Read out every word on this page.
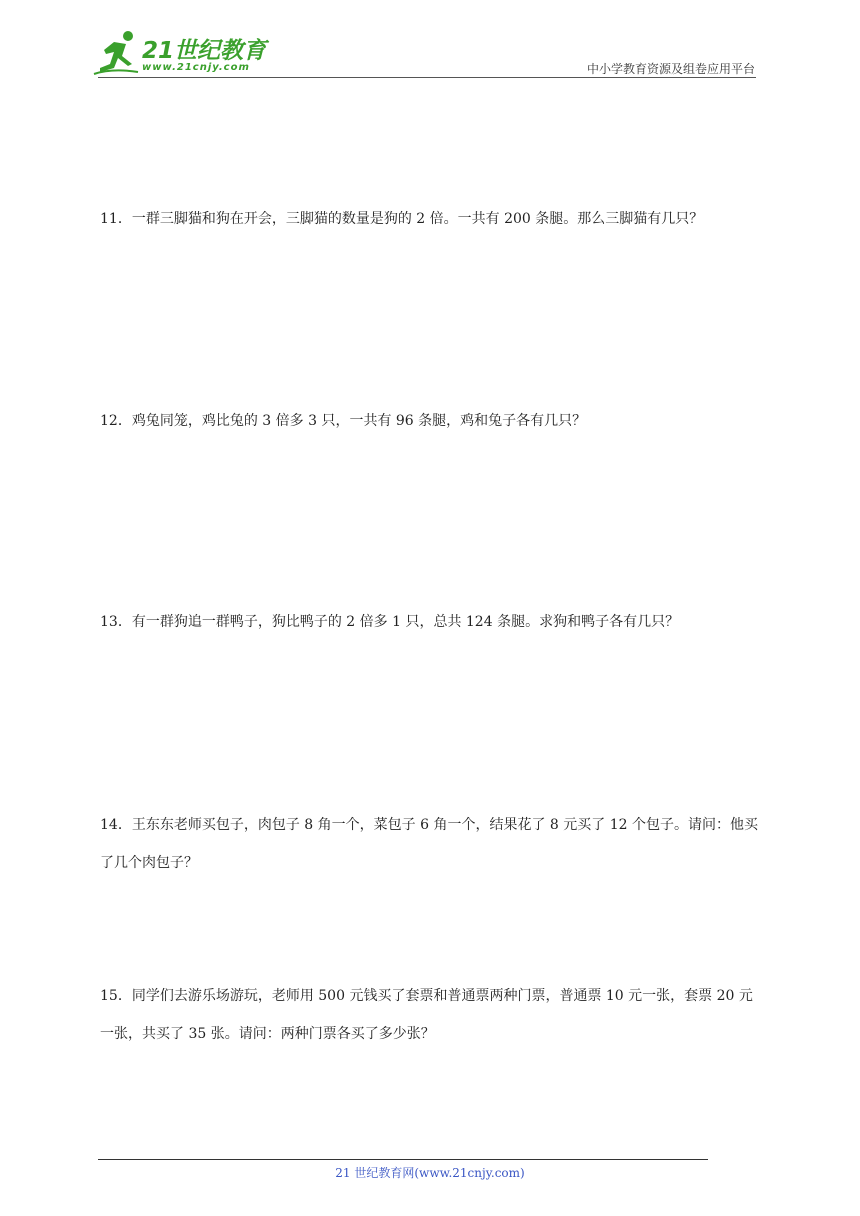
21世纪教育
www.21cnjy.com	中小学教育资源及组卷应用平台
11．一群三脚猫和狗在开会，三脚猫的数量是狗的 2 倍。一共有 200 条腿。那么三脚猫有几只？
12．鸡兔同笼，鸡比兔的 3 倍多 3 只，一共有 96 条腿，鸡和兔子各有几只？
13．有一群狗追一群鸭子，狗比鸭子的 2 倍多 1 只，总共 124 条腿。求狗和鸭子各有几只？
14．王东东老师买包子，肉包子 8 角一个，菜包子 6 角一个，结果花了 8 元买了 12 个包子。请问：他买了几个肉包子？
15．同学们去游乐场游玩，老师用 500 元钱买了套票和普通票两种门票，普通票 10 元一张，套票 20 元一张，共买了 35 张。请问：两种门票各买了多少张？
21 世纪教育网(www.21cnjy.com)
